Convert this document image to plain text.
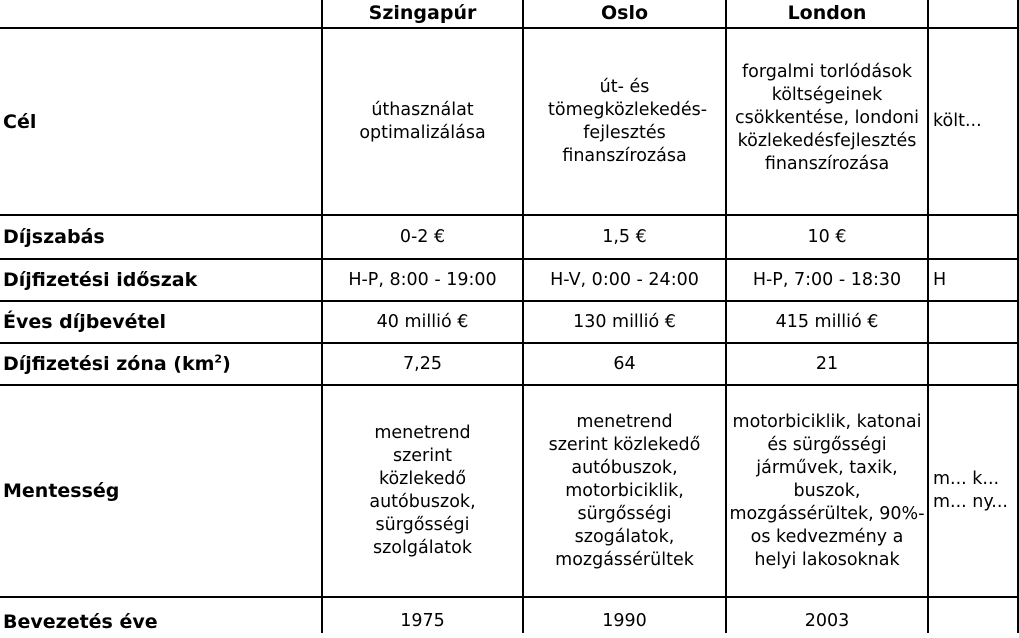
	Szingapúr	Oslo	London	
Cél	úthasználat optimalizálása	út- és tömegközlekedés-fejlesztés finanszírozása	forgalmi torlódások költségeinek csökkentése, londoni közlekedésfejlesztés finanszírozása	költ...
Díjszabás	0-2 €	1,5 €	10 €	
Díjfizetési időszak	H-P, 8:00 - 19:00	H-V, 0:00 - 24:00	H-P, 7:00 - 18:30	H
Éves díjbevétel	40 millió €	130 millió €	415 millió €	
Díjfizetési zóna $(km^2)$	7,25	64	21	
Mentesség	menetrend szerint közlekedő autóbuszok, sürgősségi szolgálatok	menetrend szerint közlekedő autóbuszok, motorbiciklik, sürgősségi szogálatok, mozgássérültek	motorbiciklik, katonai és sürgősségi járművek, taxik, buszok, mozgássérültek, 90%-os kedvezmény a helyi lakosoknak	m... k... m... ny...
Bevezetés éve	1975	1990	2003	
